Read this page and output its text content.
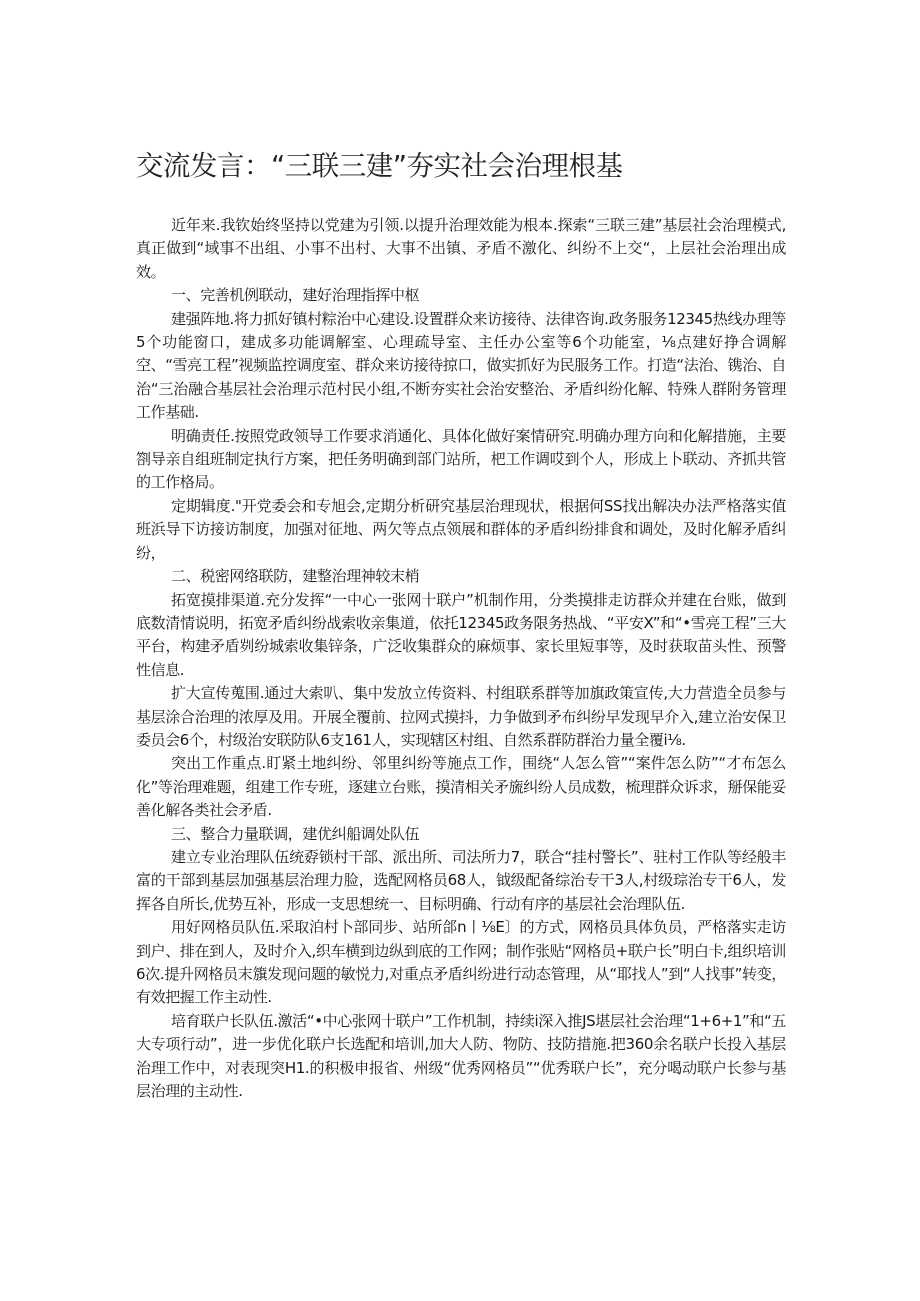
交流发言：“三联三建”夯实社会治理根基

近年来.我钦始终坚持以党建为引领.以提升治理效能为根本.探索“三联三建”基层社会治理模式,真正做到“域事不出组、小事不出村、大事不出镇、矛盾不激化、纠纷不上交“，上层社会治理出成效。

一、完善机例联动，建好治理指挥中枢

建强阵地.将力抓好镇村粽治中心建设.设置群众来访接待、法律咨询.政务服务12345热线办理等5个功能窗口，建成多功能调解室、心理疏导室、主任办公室等6个功能室，⅛点建好挣合调解空、“雪亮工程”视频监控调度室、群众来访接待掠口，做实抓好为民服务工作。打造“法治、镌治、自治“三治融合基层社会治理示范村民小组,不断夯实社会治安整治、矛盾纠纷化解、特殊人群附务管理工作基础.

明确责任.按照党政领导工作要求消通化、具体化做好案情研究.明确办理方向和化解措施，主要劄导亲自组班制定执行方案，把任务明确到部门站所，杷工作调哎到个人，形成上卜联动、齐抓共管的工作格局。

定期辑度."开党委会和专旭会,定期分析研究基层治理现状，根据何SS找出解决办法严格落实值班浜导下访接访制度，加强对征地、两欠等点点领展和群体的矛盾纠纷排食和调处，及时化解矛盾纠纷，

二、税密网络联防，建整治理神较末梢

拓宽摸排渠道.充分发挥“一中心一张网十联户”机制作用，分类摸排走访群众并建在台账，做到底数清情说明，拓宽矛盾纠纷战索收亲集道，依托12345政务限务热战、“平安X”和“•雪亮工程”三大平台，构建矛盾刿纷城索收集锌条，广泛收集群众的麻烦事、家长里短事等，及时获取苗头性、预警性信息.

扩大宣传蒐围.通过大索叭、集中发放立传资料、村组联系群等加旗政策宣传,大力营造全员参与基层涂合治理的浓厚及用。开展全覆前、拉网式摸抖，力争做到矛布纠纷早发现早介入,建立治安保卫委员会6个，村级治安联防队6支161人，实现辖区村组、自然系群防群治力量全覆i⅛.

突出工作重点.盯紧土地纠纷、邻里纠纷等施点工作，围绕“人怎么管”“案件怎么防”“才布怎么化”等治理难题，组建工作专班，逐建立台账，摸清相关矛旒纠纷人员成数，梳理群众诉求，掰保能妥善化解各类社会矛盾.

三、整合力量联调，建优纠船调处队伍

建立专业治理队伍统孬锁村干部、派出所、司法所力7，联合“挂村警长”、驻村工作队等经般丰富的干部到基层加强基层治理力脸，选配网格员68人，钺级配备综治专干3人,村级琮治专干6人，发挥各自所长,优势互补，形成一支思想统一、目标明确、行动有序的基层社会治理队伍.

用好网格员队伍.采取泊村卜部同步、站所郃n丨⅛E〕的方式，网格员具体负员，严格落实走访到户、排在到人，及时介入,织车横到边纵到底的工作网；制作张贴“网格员+联户长”明白卡,组织培训6次.提升网格员末籏发现问题的敏悦力,对重点矛盾纠纷进行动态管理，从“耶找人”到“人找事”转变，有效把握工作主动性.

培育联户长队伍.激活“•中心张网十联户”工作机制，持续i深入推JS堪层社会治理“1+6+1”和“五大专项行动”，进一步优化联户长选配和培训,加大人防、物防、技防措施.把360余名联户长投入基层治理工作中，对表现突H1.的积极申报省、州级“优秀网格员”“优秀联户长”，充分喝动联户长参与基层治理的主动性.
